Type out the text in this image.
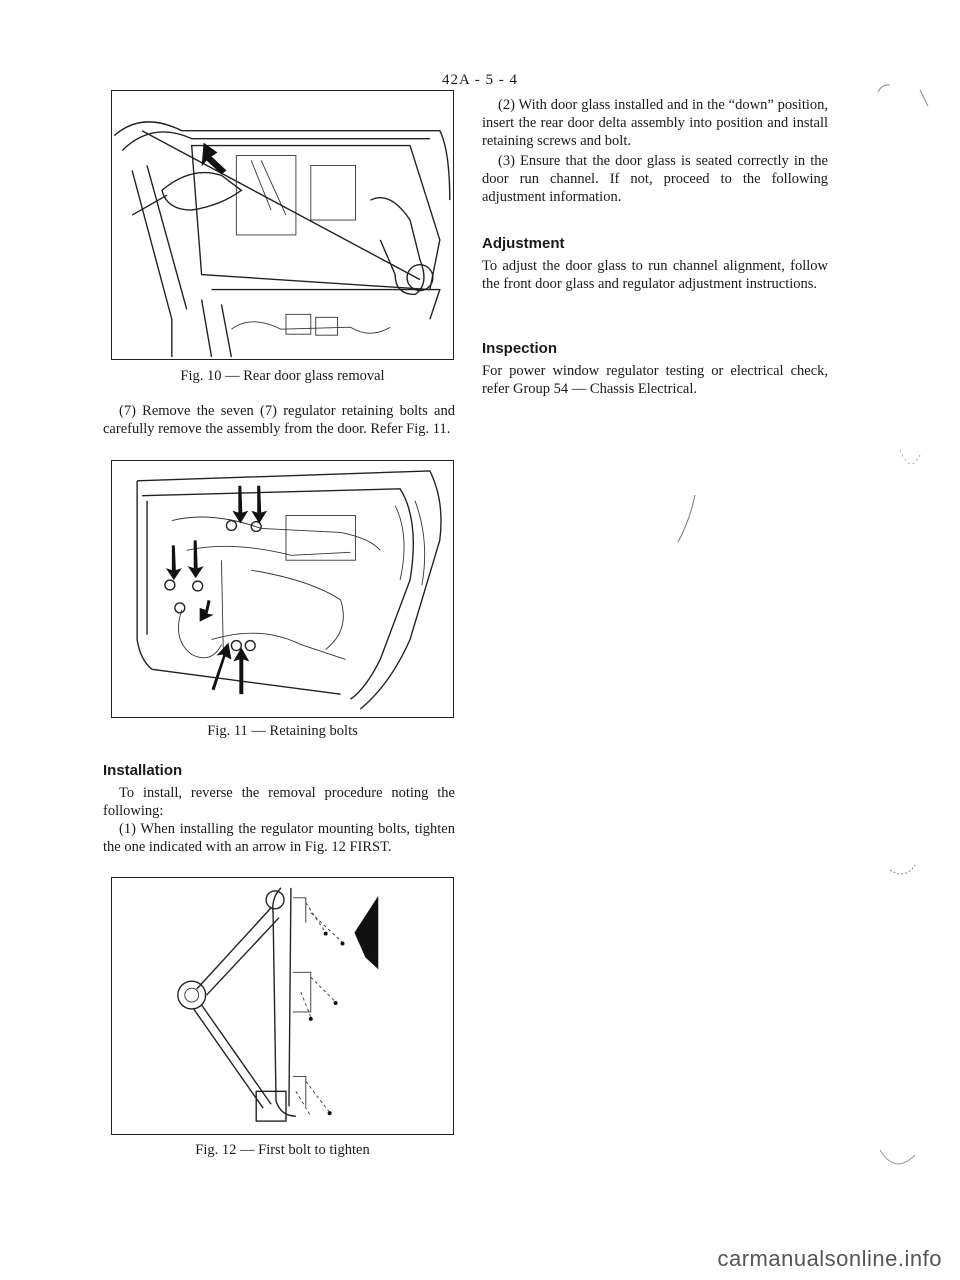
42A - 5 - 4
Fig. 10 — Rear door glass removal

(7) Remove the seven (7) regulator retaining bolts and carefully remove the assembly from the door. Refer Fig. 11.

Fig. 11 — Retaining bolts
Installation

To install, reverse the removal procedure noting the following:

(1) When installing the regulator mounting bolts, tighten the one indicated with an arrow in Fig. 12 FIRST.

Fig. 12 — First bolt to tighten

(2) With door glass installed and in the “down” position, insert the rear door delta assembly into position and install retaining screws and bolt.

(3) Ensure that the door glass is seated correctly in the door run channel. If not, proceed to the following adjustment information.

Adjustment

To adjust the door glass to run channel alignment, follow the front door glass and regulator adjustment instructions.

Inspection

For power window regulator testing or electrical check, refer Group 54 — Chassis Electrical.

carmanualsonline.info
